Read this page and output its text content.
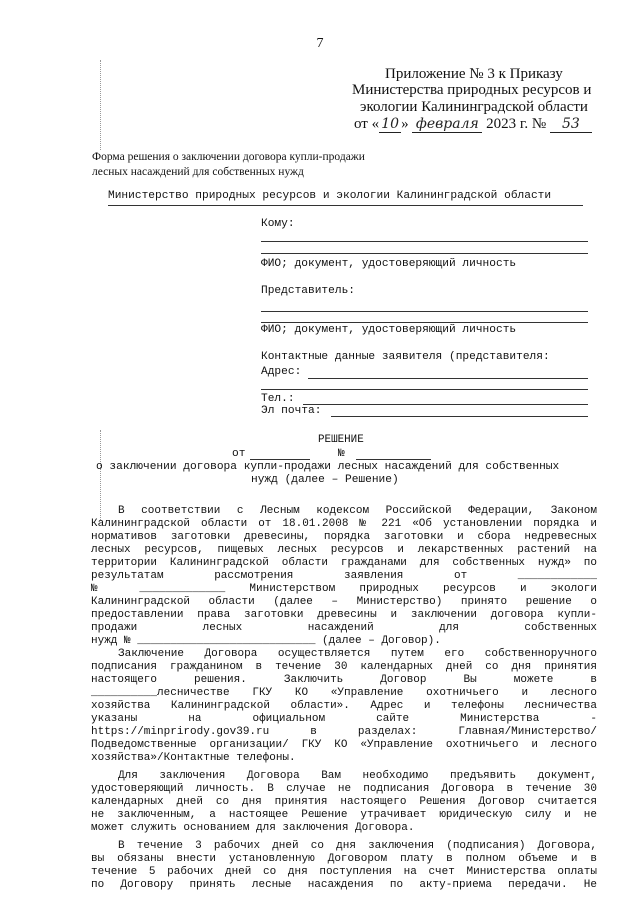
7
Приложение № 3 к Приказу
Министерства природных ресурсов и
экологии Калининградской области
от « 10 » февраля 2023 г. № 53
Форма решения о заключении договора купли-продажи
лесных насаждений для собственных нужд
Министерство природных ресурсов и экологии Калининградской области
Кому:
ФИО; документ, удостоверяющий личность
Представитель:
ФИО; документ, удостоверяющий личность
Контактные данные заявителя (представителя:
Адрес:
Тел.:
Эл почта:
РЕШЕНИЕ
от	№
о заключении договора купли-продажи лесных насаждений для собственных
нужд (далее – Решение)
В соответствии с Лесным кодексом Российской Федерации, Законом
Калининградской области от 18.01.2008 № 221 «Об установлении порядка и
нормативов заготовки древесины, порядка заготовки и сбора недревесных
лесных ресурсов, пищевых лесных ресурсов и лекарственных растений на
территории Калининградской области гражданами для собственных нужд» по
результатам рассмотрения заявления от ____________
№ _____________ Министерством природных ресурсов и экологи
Калининградской области (далее – Министерство) принято решение о
предоставлении права заготовки древесины и заключении договора купли-
продажи лесных насаждений для собственных
нужд № ___________________________ (далее – Договор).
Заключение Договора осуществляется путем его собственноручного
подписания гражданином в течение 30 календарных дней со дня принятия
настоящего решения. Заключить Договор Вы можете в
__________лесничестве ГКУ КО «Управление охотничьего и лесного
хозяйства Калининградской области». Адрес и телефоны лесничества
указаны на официальном сайте Министерства -
https://minprirody.gov39.ru в разделах: Главная/Министерство/
Подведомственные организации/ ГКУ КО «Управление охотничьего и лесного
хозяйства»/Контактные телефоны.
Для заключения Договора Вам необходимо предъявить документ,
удостоверяющий личность. В случае не подписания Договора в течение 30
календарных дней со дня принятия настоящего Решения Договор считается
не заключенным, а настоящее Решение утрачивает юридическую силу и не
может служить основанием для заключения Договора.
В течение 3 рабочих дней со дня заключения (подписания) Договора,
вы обязаны внести установленную Договором плату в полном объеме и в
течение 5 рабочих дней со дня поступления на счет Министерства оплаты
по Договору принять лесные насаждения по акту-приема передачи. Не
